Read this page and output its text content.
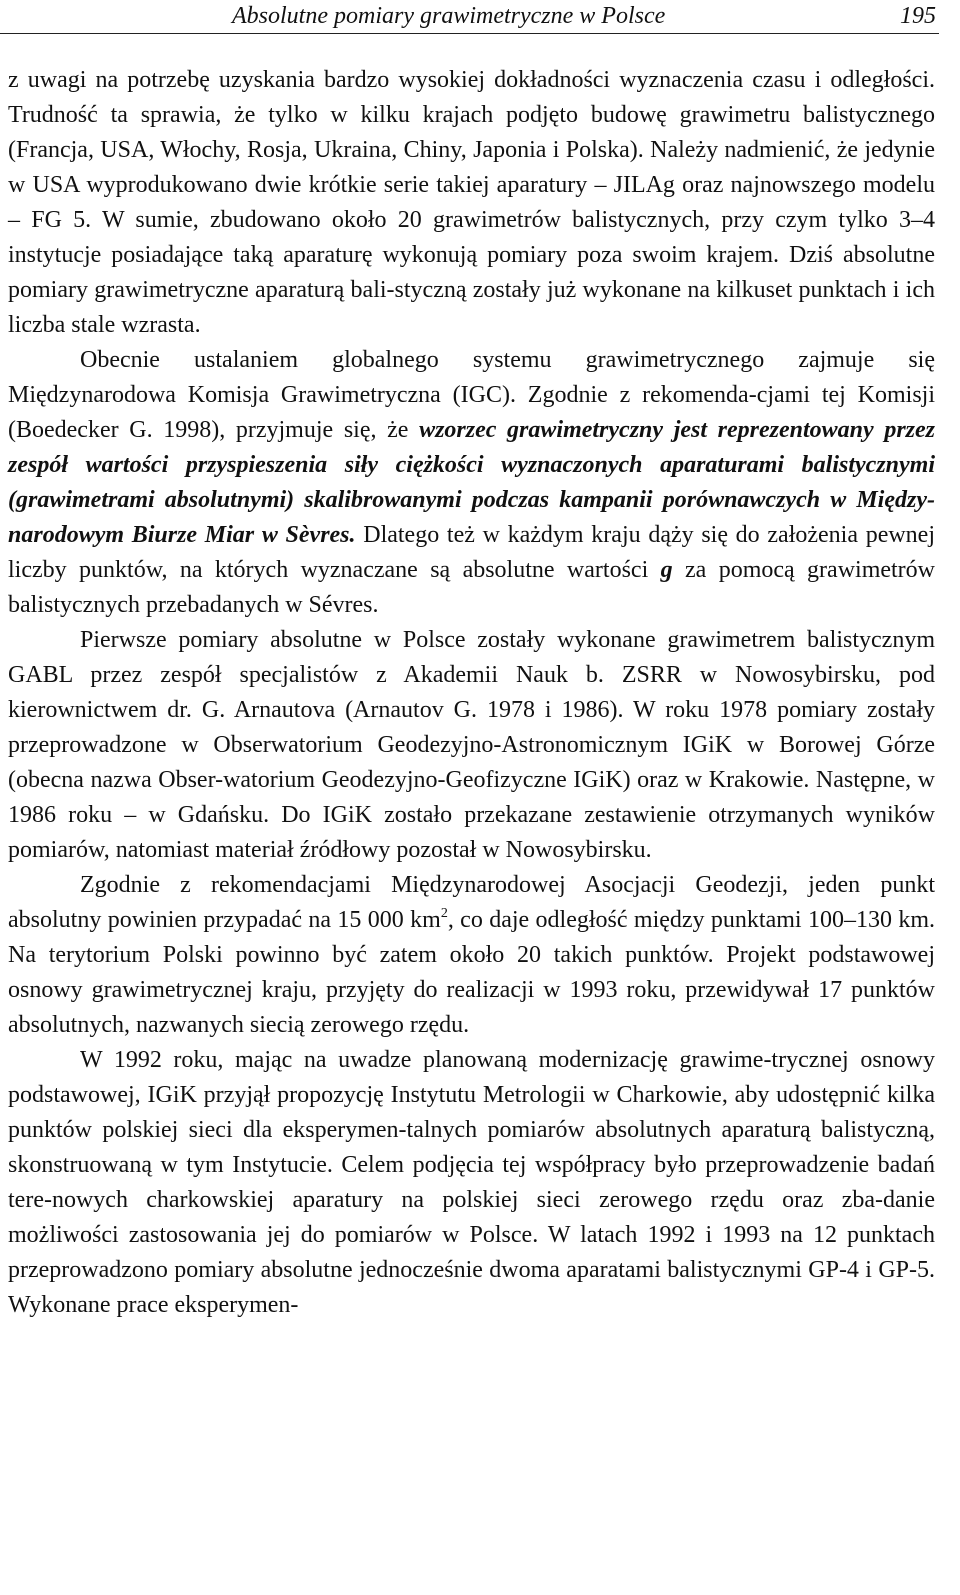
Absolutne pomiary grawimetryczne w Polsce	195

z uwagi na potrzebę uzyskania bardzo wysokiej dokładności wyznaczenia czasu i odległości. Trudność ta sprawia, że tylko w kilku krajach podjęto budowę grawimetru balistycznego (Francja, USA, Włochy, Rosja, Ukraina, Chiny, Japonia i Polska). Należy nadmienić, że jedynie w USA wyprodukowano dwie krótkie serie takiej aparatury – JILAg oraz najnowszego modelu – FG 5. W sumie, zbudowano około 20 grawimetrów balistycznych, przy czym tylko 3–4 instytucje posiadające taką aparaturę wykonują pomiary poza swoim krajem. Dziś absolutne pomiary grawimetryczne aparaturą bali-styczną zostały już wykonane na kilkuset punktach i ich liczba stale wzrasta.

Obecnie ustalaniem globalnego systemu grawimetrycznego zajmuje się Międzynarodowa Komisja Grawimetryczna (IGC). Zgodnie z rekomenda-cjami tej Komisji (Boedecker G. 1998), przyjmuje się, że wzorzec grawimetryczny jest reprezentowany przez zespół wartości przyspieszenia siły ciężkości wyznaczonych aparaturami balistycznymi (grawimetrami absolutnymi) skalibrowanymi podczas kampanii porównawczych w Między-narodowym Biurze Miar w Sèvres. Dlatego też w każdym kraju dąży się do założenia pewnej liczby punktów, na których wyznaczane są absolutne wartości g za pomocą grawimetrów balistycznych przebadanych w Sévres.

Pierwsze pomiary absolutne w Polsce zostały wykonane grawimetrem balistycznym GABL przez zespół specjalistów z Akademii Nauk b. ZSRR w Nowosybirsku, pod kierownictwem dr. G. Arnautova (Arnautov G. 1978 i 1986). W roku 1978 pomiary zostały przeprowadzone w Obserwatorium Geodezyjno-Astronomicznym IGiK w Borowej Górze (obecna nazwa Obser-watorium Geodezyjno-Geofizyczne IGiK) oraz w Krakowie. Następne, w 1986 roku – w Gdańsku. Do IGiK zostało przekazane zestawienie otrzymanych wyników pomiarów, natomiast materiał źródłowy pozostał w Nowosybirsku.

Zgodnie z rekomendacjami Międzynarodowej Asocjacji Geodezji, jeden punkt absolutny powinien przypadać na 15 000 $km^2$, co daje odległość między punktami 100–130 km. Na terytorium Polski powinno być zatem około 20 takich punktów. Projekt podstawowej osnowy grawimetrycznej kraju, przyjęty do realizacji w 1993 roku, przewidywał 17 punktów absolutnych, nazwanych siecią zerowego rzędu.

W 1992 roku, mając na uwadze planowaną modernizację grawime-trycznej osnowy podstawowej, IGiK przyjął propozycję Instytutu Metrologii w Charkowie, aby udostępnić kilka punktów polskiej sieci dla eksperymen-talnych pomiarów absolutnych aparaturą balistyczną, skonstruowaną w tym Instytucie. Celem podjęcia tej współpracy było przeprowadzenie badań tere-nowych charkowskiej aparatury na polskiej sieci zerowego rzędu oraz zba-danie możliwości zastosowania jej do pomiarów w Polsce. W latach 1992 i 1993 na 12 punktach przeprowadzono pomiary absolutne jednocześnie dwoma aparatami balistycznymi GP-4 i GP-5. Wykonane prace eksperymen-
